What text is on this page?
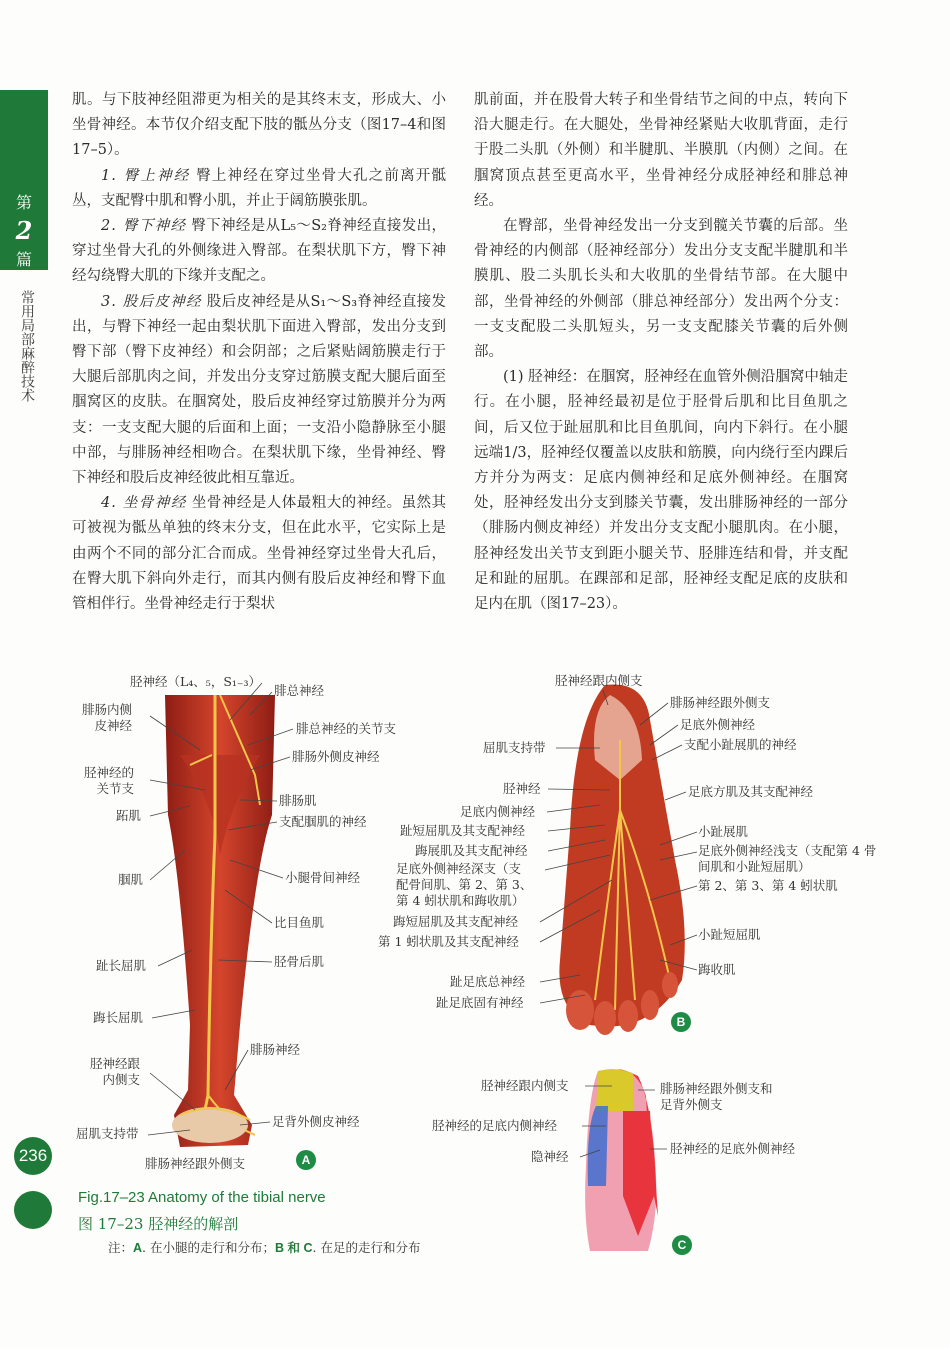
第
2
篇
常用局部麻醉技术
236

肌。与下肢神经阻滞更为相关的是其终末支，形成大、小坐骨神经。本节仅介绍支配下肢的骶丛分支（图17–4和图17–5）。

1. 臀上神经 臀上神经在穿过坐骨大孔之前离开骶丛，支配臀中肌和臀小肌，并止于阔筋膜张肌。

2. 臀下神经 臀下神经是从L₅～S₂脊神经直接发出，穿过坐骨大孔的外侧缘进入臀部。在梨状肌下方，臀下神经勾绕臀大肌的下缘并支配之。

3. 股后皮神经 股后皮神经是从S₁～S₃脊神经直接发出，与臀下神经一起由梨状肌下面进入臀部，发出分支到臀下部（臀下皮神经）和会阴部；之后紧贴阔筋膜走行于大腿后部肌肉之间，并发出分支穿过筋膜支配大腿后面至腘窝区的皮肤。在腘窝处，股后皮神经穿过筋膜并分为两支：一支支配大腿的后面和上面；一支沿小隐静脉至小腿中部，与腓肠神经相吻合。在梨状肌下缘，坐骨神经、臀下神经和股后皮神经彼此相互靠近。

4. 坐骨神经 坐骨神经是人体最粗大的神经。虽然其可被视为骶丛单独的终末分支，但在此水平，它实际上是由两个不同的部分汇合而成。坐骨神经穿过坐骨大孔后，在臀大肌下斜向外走行，而其内侧有股后皮神经和臀下血管相伴行。坐骨神经走行于梨状

肌前面，并在股骨大转子和坐骨结节之间的中点，转向下沿大腿走行。在大腿处，坐骨神经紧贴大收肌背面，走行于股二头肌（外侧）和半腱肌、半膜肌（内侧）之间。在腘窝顶点甚至更高水平，坐骨神经分成胫神经和腓总神经。

在臀部，坐骨神经发出一分支到髋关节囊的后部。坐骨神经的内侧部（胫神经部分）发出分支支配半腱肌和半膜肌、股二头肌长头和大收肌的坐骨结节部。在大腿中部，坐骨神经的外侧部（腓总神经部分）发出两个分支：一支支配股二头肌短头，另一支支配膝关节囊的后外侧部。

(1) 胫神经：在腘窝，胫神经在血管外侧沿腘窝中轴走行。在小腿，胫神经最初是位于胫骨后肌和比目鱼肌之间，后又位于趾屈肌和比目鱼肌间，向内下斜行。在小腿远端1/3，胫神经仅覆盖以皮肤和筋膜，向内绕行至内踝后方并分为两支：足底内侧神经和足底外侧神经。在腘窝处，胫神经发出分支到膝关节囊，发出腓肠神经的一部分（腓肠内侧皮神经）并发出分支支配小腿肌肉。在小腿，胫神经发出关节支到距小腿关节、胫腓连结和骨，并支配足和趾的屈肌。在踝部和足部，胫神经支配足底的皮肤和足内在肌（图17–23）。

胫神经（L₄、₅，S₁₋₃）
腓总神经
腓肠内侧
皮神经	腓总神经的关节支
腓肠外侧皮神经
胫神经的
关节支
跖肌
腓肠肌
支配腘肌的神经
小腿骨间神经
腘肌
比目鱼肌
趾长屈肌	胫骨后肌
踇长屈肌
腓肠神经
胫神经跟
内侧支
足背外侧皮神经
屈肌支持带
腓肠神经跟外侧支	A
胫神经跟内侧支
腓肠神经跟外侧支
足底外侧神经
支配小趾展肌的神经
屈肌支持带
胫神经	足底方肌及其支配神经
足底内侧神经
趾短屈肌及其支配神经
踇展肌及其支配神经
足底外侧神经深支（支
配骨间肌、第 2、第 3、
第 4 蚓状肌和踇收肌）
踇短屈肌及其支配神经
第 1 蚓状肌及其支配神经
小趾展肌
足底外侧神经浅支（支配第 4 骨
间肌和小趾短屈肌）
第 2、第 3、第 4 蚓状肌
小趾短屈肌
踇收肌
趾足底总神经
趾足底固有神经
B
胫神经跟内侧支	腓肠神经跟外侧支和
足背外侧支
胫神经的足底内侧神经
胫神经的足底外侧神经
隐神经
C
Fig.17–23 Anatomy of the tibial nerve
图 17–23 胫神经的解剖
注：A. 在小腿的走行和分布；B 和 C. 在足的走行和分布
